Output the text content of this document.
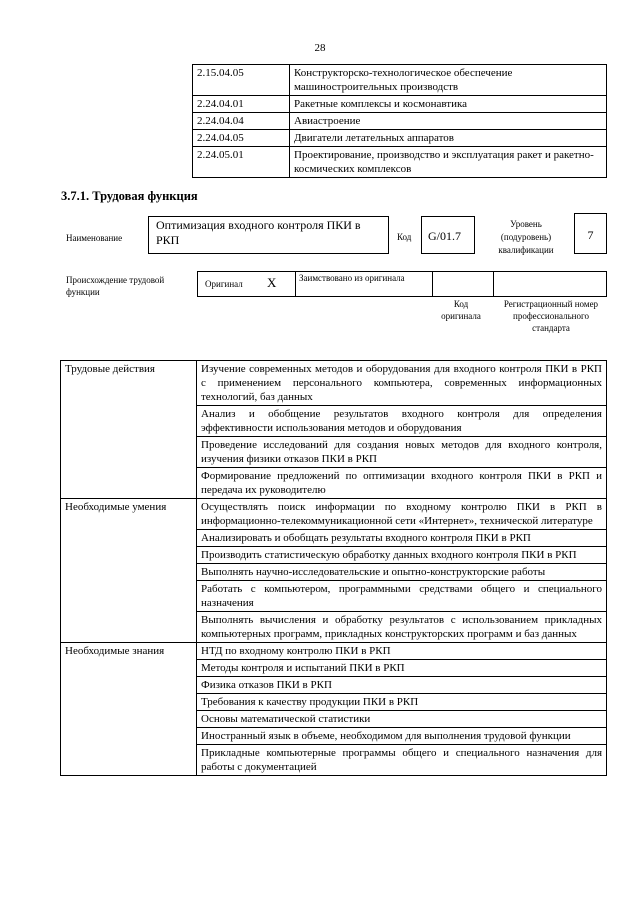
28
	2.15.04.05	Конструкторско-технологическое обеспечение машиностроительных производств
	2.24.04.01	Ракетные комплексы и космонавтика
	2.24.04.04	Авиастроение
	2.24.04.05	Двигатели летательных аппаратов
	2.24.05.01	Проектирование, производство и эксплуатация ракет и ракетно-космических комплексов
3.7.1. Трудовая функция
Наименование
Оптимизация входного контроля ПКИ в РКП	Код	G/01.7
Уровень (подуровень) квалификации
7
Происхождение трудовой функции
Оригинал X	Заимствовано из оригинала
Код оригинала
Регистрационный номер профессионального стандарта
Трудовые действия	Изучение современных методов и оборудования для входного контроля ПКИ в РКП с применением персонального компьютера, современных информационных технологий, баз данных
	Анализ и обобщение результатов входного контроля для определения эффективности использования методов и оборудования
	Проведение исследований для создания новых методов для входного контроля, изучения физики отказов ПКИ в РКП
	Формирование предложений по оптимизации входного контроля ПКИ в РКП и передача их руководителю
Необходимые умения	Осуществлять поиск информации по входному контролю ПКИ в РКП в информационно-телекоммуникационной сети «Интернет», технической литературе
	Анализировать и обобщать результаты входного контроля ПКИ в РКП
	Производить статистическую обработку данных входного контроля ПКИ в РКП
	Выполнять научно-исследовательские и опытно-конструкторские работы
	Работать с компьютером, программными средствами общего и специального назначения
	Выполнять вычисления и обработку результатов с использованием прикладных компьютерных программ, прикладных конструкторских программ и баз данных
Необходимые знания	НТД по входному контролю ПКИ в РКП
	Методы контроля и испытаний ПКИ в РКП
	Физика отказов ПКИ в РКП
	Требования к качеству продукции ПКИ в РКП
	Основы математической статистики
	Иностранный язык в объеме, необходимом для выполнения трудовой функции
	Прикладные компьютерные программы общего и специального назначения для работы с документацией
